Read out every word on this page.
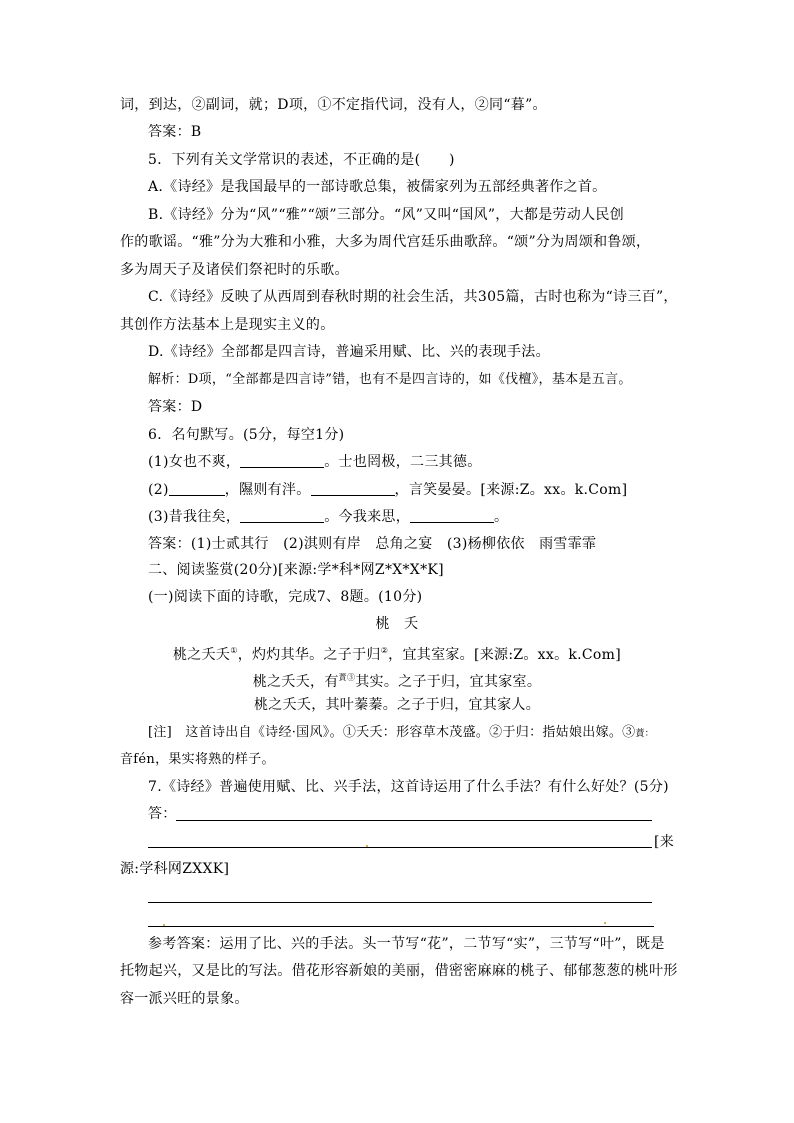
词，到达，②副词，就；D项，①不定指代词，没有人，②同“暮”。
答案：B
5．下列有关文学常识的表述，不正确的是(　　)
A.《诗经》是我国最早的一部诗歌总集，被儒家列为五部经典著作之首。
B.《诗经》分为“风”“雅”“颂”三部分。“风”又叫“国风”，大都是劳动人民创
作的歌谣。“雅”分为大雅和小雅，大多为周代宫廷乐曲歌辞。“颂”分为周颂和鲁颂，
多为周天子及诸侯们祭祀时的乐歌。
C.《诗经》反映了从西周到春秋时期的社会生活，共305篇，古时也称为“诗三百”，
其创作方法基本上是现实主义的。
D.《诗经》全部都是四言诗，普遍采用赋、比、兴的表现手法。
解析：D项，“全部都是四言诗”错，也有不是四言诗的，如《伐檀》，基本是五言。
答案：D
6．名句默写。(5分，每空1分)
(1)女也不爽，	。士也罔极，二三其德。
(2)	，隰则有泮。	，言笑晏晏。[来源:Z。xx。k.Com]
(3)昔我往矣，	。今我来思，	。
答案：(1)士贰其行　(2)淇则有岸　总角之宴　(3)杨柳依依　雨雪霏霏
二、阅读鉴赏(20分)[来源:学*科*网Z*X*X*K]
(一)阅读下面的诗歌，完成7、8题。(10分)
桃　夭
桃之夭夭①，灼灼其华。之子于归②，宜其室家。[来源:Z。xx。k.Com]
桃之夭夭，有$^{蕡③}$其实。之子于归，宜其家室。
桃之夭夭，其叶蓁蓁。之子于归，宜其家人。
[注]　这首诗出自《诗经·国风》。①夭夭：形容草木茂盛。②于归：指姑娘出嫁。③蕡：
音fén，果实将熟的样子。
7.《诗经》普遍使用赋、比、兴手法，这首诗运用了什么手法？有什么好处？(5分)
答：
[来
源:学科网ZXXK]
参考答案：运用了比、兴的手法。头一节写“花”，二节写“实”，三节写“叶”，既是
托物起兴，又是比的写法。借花形容新娘的美丽，借密密麻麻的桃子、郁郁葱葱的桃叶形
容一派兴旺的景象。
